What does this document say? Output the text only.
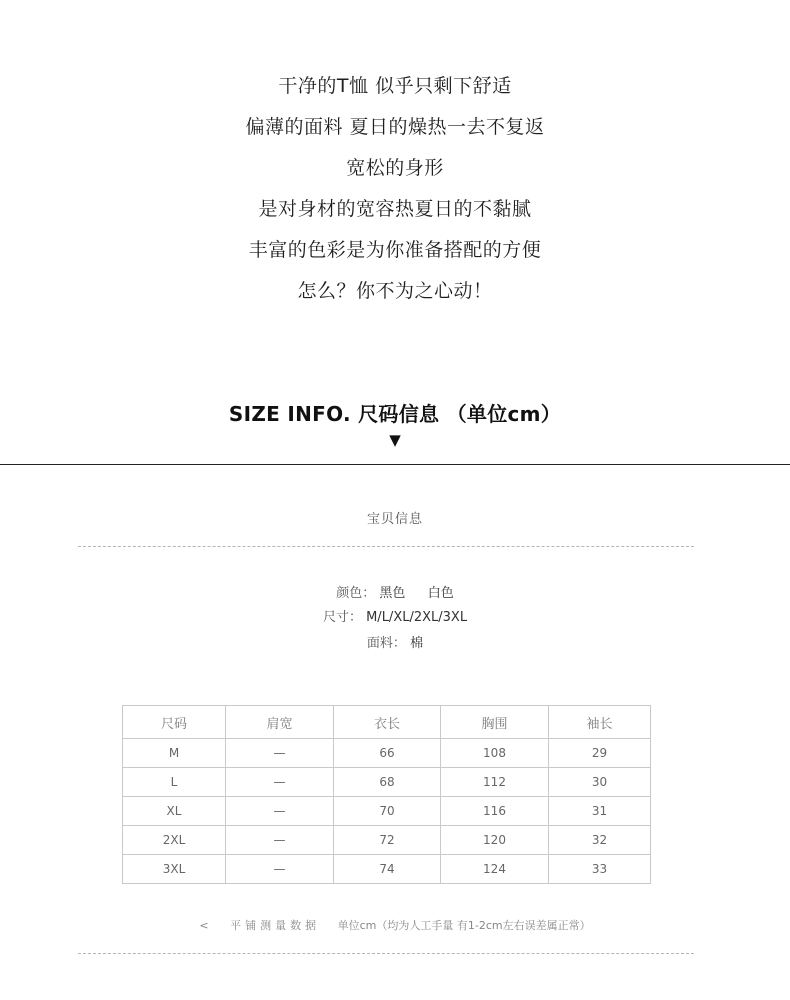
干净的T恤 似乎只剩下舒适
偏薄的面料 夏日的燥热一去不复返
宽松的身形
是对身材的宽容热夏日的不黏腻
丰富的色彩是为你准备搭配的方便
怎么？你不为之心动！
SIZE INFO. 尺码信息 （单位cm）
▼
宝贝信息
颜色： 黑色 白色
尺寸： M/L/XL/2XL/3XL
面料： 棉
尺码	肩宽	衣长	胸围	袖长
M	—	66	108	29
L	—	68	112	30
XL	—	70	116	31
2XL	—	72	120	32
3XL	—	74	124	33
< 平铺测量数据 单位cm（均为人工手量 有1-2cm左右误差属正常）
